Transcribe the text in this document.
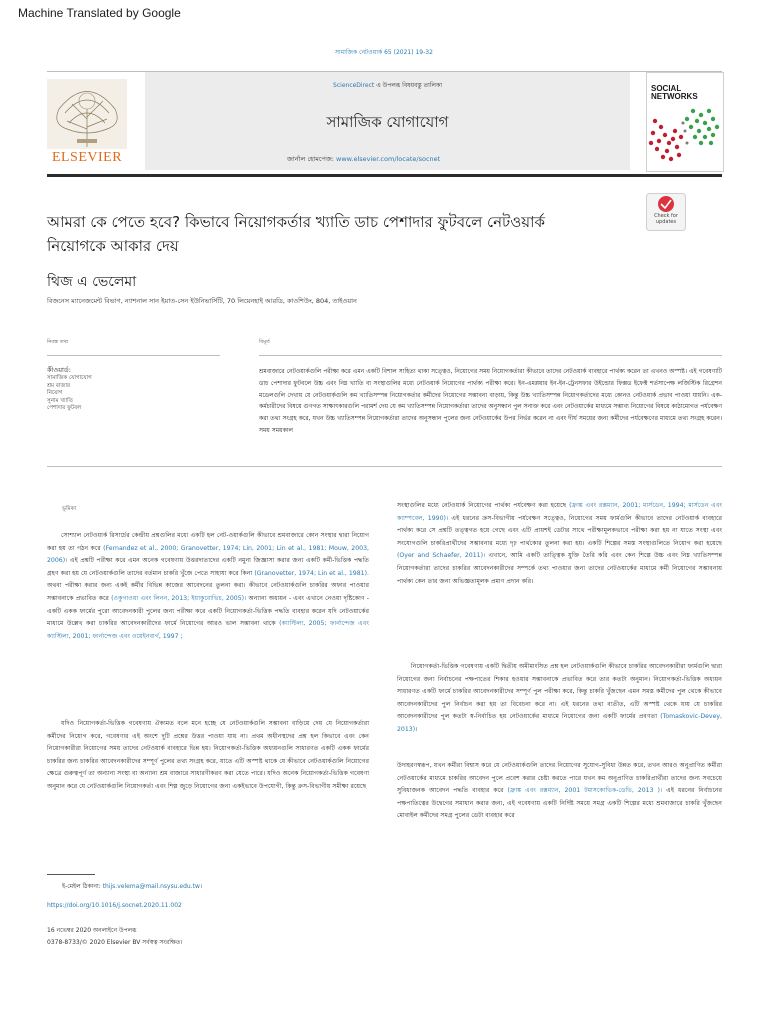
Machine Translated by Google
সামাজিক নেটওয়ার্ক 65 (2021) 19-32
ELSEVIER
ScienceDirect এ উপলব্ধ বিষয়বস্তু তালিকা
সামাজিক যোগাযোগ
জার্নাল হোমপেজ: www.elsevier.com/locate/socnet
SOCIAL NETWORKS
আমরা কে পেতে হবে? কিভাবে নিয়োগকর্তার খ্যাতি ডাচ পেশাদার ফুটবলে নেটওয়ার্ক নিয়োগকে আকার দেয়
Check for updates
থিজ এ ভেলেমা
বিজনেস ম্যানেজমেন্ট বিভাগ, ন্যাশনাল সান ইয়াত-সেন ইউনিভার্সিটি, 70 লিয়েনহাই আরডি, কাওশিউং, 804, তাইওয়ান
নিবন্ধ তথ্য	বিমূর্ত
কীওয়ার্ড:
সামাজিক যোগাযোগ
শ্রম বাজার
নিয়োগ
সুনাম খ্যাতি
পেশাদার ফুটবল
শ্রমবাজারে নেটওয়ার্কগুলি পরীক্ষা করে এমন একটি বিশাল সাহিত্য থাকা সত্ত্বেও, নিয়োগের সময় নিয়োগকর্তারা কীভাবে তাদের নেটওয়ার্ক ব্যবহারে পার্থক্য করেন তা এখনও অস্পষ্ট। এই গবেষণাটি ডাচ পেশাদার ফুটবলে উচ্চ এবং নিম্ন খ্যাতি বা সংস্থাগুলির মধ্যে নেটওয়ার্ক নিয়োগের পার্থক্য পরীক্ষা করে। ইন-এমপ্লয়ার ইন-ইন-ট্রেনসফার উইন্ডোর ফিক্সড ইফেক্ট শর্তসাপেক্ষ লজিস্টিক রিগ্রেশন মডেলগুলি দেখায় যে নেটওয়ার্কগুলি কম খ্যাতিসম্পন্ন নিয়োগকর্তার কর্মীদের নিয়োগের সম্ভাবনা বাড়ায়, কিন্তু উচ্চ খ্যাতিসম্পন্ন নিয়োগকর্তাদের মধ্যে কোনও নেটওয়ার্ক প্রভাব পাওয়া যায়নি। এক-কর্মচারীদের বিষয়ে গুণগত সাক্ষাৎকারগুলি পরামর্শ দেয় যে কম খ্যাতিসম্পন্ন নিয়োগকর্তারা তাদের অনুসন্ধান পুল সনাক্ত করে এবং নেটওয়ার্কের মাধ্যমে সম্ভাব্য নিয়োগের বিষয়ে কাঠামোগত পর্যবেক্ষণ করা তথ্য সংগ্রহ করে, যখন উচ্চ খ্যাতিসম্পন্ন নিয়োগকর্তারা তাদের অনুসন্ধান পুলের জন্য নেটওয়ার্কের উপর নির্ভর করেন না এবং দীর্ঘ সময়ের জন্য কর্মীদের পর্যবেক্ষণের মাধ্যমে তথ্য সংগ্রহ করেন। সময় সময়কাল
ভূমিকা
সোশ্যাল নেটওয়ার্ক রিসার্চের কেন্দ্রীয় প্রশ্নগুলির মধ্যে একটি হল নেট-ওয়ার্কগুলি কীভাবে শ্রমবাজারে কোন সংস্থার দ্বারা নিয়োগ করা হয় তা গঠন করে (Fernandez et al., 2000; Granovetter, 1974; Lin, 2001; Lin et al., 1981; Mouw, 2003, 2006)। এই প্রশ্নটি পরীক্ষা করে এমন অনেক গবেষণায় উত্তরদাতাদের একটি নমুনা জিজ্ঞাসা করার জন্য একটি কর্মী-ভিত্তিক পদ্ধতি গ্রহণ করা হয় যে নেটওয়ার্কগুলি তাদের বর্তমান চাকরি খুঁজে পেতে সাহায্য করে কিনা (Granovetter, 1974; Lin et al., 1981). অথবা পরীক্ষা করার জন্য একই কর্মীর বিভিন্ন কাজের আবেদনের তুলনা করা। কীভাবে নেটওয়ার্কগুলি চাকরির অফার পাওয়ার সম্ভাবনাকে প্রভাবিত করে (ওকুগাওয়া এবং লিনন, 2013; ইয়াকুবোভিচ, 2005)। অন্যান্য অধ্যয়ন - এবং এখানে নেওয়া দৃষ্টিকোণ - একটি একক ফার্মের পুরো আবেদনকারী পুলের জন্য পরীক্ষা করে একটি নিয়োগকর্তা-ভিত্তিক পদ্ধতি ব্যবহার করেন যদি নেটওয়ার্কের মাধ্যমে উল্লেখ করা চাকরির আবেদনকারীদের ফার্মে নিয়োগের আরও ভাল সম্ভাবনা থাকে (ক্যাস্টিলা, 2005; ফার্নান্দেজ এবং ক্যাস্টিলা, 2001; ফার্নান্দেজ এবং ওয়েইনবার্গ, 1997 ;
যদিও নিয়োগকর্তা-ভিত্তিক গবেষণায় ঐক্যমত বলে মনে হচ্ছে যে নেটওয়ার্কগুলি সম্ভাবনা বাড়িয়ে দেয় যে নিয়োগকর্তারা কর্মীদের নিয়োগ করে, গবেষণার এই অংশে দুটি প্রশ্নের উত্তর পাওয়া যায় না। প্রথম অধীনস্থদের প্রশ্ন হল কিভাবে এবং কেন নিয়োগকারীরা নিয়োগের সময় তাদের নেটওয়ার্ক ব্যবহারে ভিন্ন হয়। নিয়োগকর্তা-ভিত্তিক অধ্যয়নগুলি সাধারণত একটি একক ফার্মের চাকরির জন্য চাকরির আবেদনকারীদের সম্পূর্ণ পুলের তথ্য সংগ্রহ করে, যাতে এটি অস্পষ্ট থাকে যে কীভাবে নেটওয়ার্কগুলি নিয়োগের ক্ষেত্রে গুরুত্বপূর্ণ তা অন্যান্য সংস্থা বা অন্যান্য শ্রম বাজারে সাধারণীকরণ করা যেতে পারে। যদিও অনেক নিয়োগকর্তা-ভিত্তিক গবেষণা অনুমান করে যে নেটওয়ার্কগুলি নিয়োগকর্তা এবং শিল্প জুড়ে নিয়োগের জন্য একইভাবে উপযোগী, কিন্তু ক্রস-বিভাগীয় সমীক্ষা রয়েছে
সংস্থাগুলির মধ্যে নেটওয়ার্ক নিয়োগের পার্থক্য পর্যবেক্ষণ করা হয়েছে (ফ্রাঙ্ক এবং রক্সম্যান, 2001; মার্সডেন, 1994; মার্সডেন এবং ক্যাম্পবেল, 1990)। এই ধরনের ক্রস-বিভাগীয় পর্যবেক্ষণ সত্ত্বেও, নিয়োগের সময় ফার্মগুলি কীভাবে তাদের নেটওয়ার্ক ব্যবহারে পার্থক্য করে সে প্রশ্নটি তত্ত্বগত হয়ে গেছে এবং এটি প্রায়শই ডেটার সাথে পরীক্ষামূলকভাবে পরীক্ষা করা হয় না যাতে সংস্থা এবং সংযোগগুলি চাকরিপ্রার্থীদের সম্ভাবনার মধ্যে দৃঢ় পার্থক্যের তুলনা করা হয়। একটি শিল্পের সমস্ত সংস্থাগুলিতে নিয়োগ করা হয়েছে (Oyer and Schaefer, 2011)। এখানে, আমি একটি তাত্ত্বিক যুক্তি তৈরি করি এবং কেন শিল্পে উচ্চ এবং নিম্ন খ্যাতিসম্পন্ন নিয়োগকর্তারা তাদের চাকরির আবেদনকারীদের সম্পর্কে তথ্য পাওয়ার জন্য তাদের নেটওয়ার্কের মাধ্যমে কর্মী নিয়োগের সম্ভাবনায় পার্থক্য কেন তার জন্য অভিজ্ঞতামূলক প্রমাণ প্রদান করি।
নিয়োগকর্তা-ভিত্তিক গবেষণায় একটি দ্বিতীয় অমীমাংসিত প্রশ্ন হল নেটওয়ার্কগুলি কীভাবে চাকরির আবেদনকারীরা ফার্মগুলি দ্বারা নিয়োগের জন্য নির্বাচনের পক্ষপাতের শিকার হওয়ার সম্ভাবনাকে প্রভাবিত করে তার কতটা অনুমান। নিয়োগকর্তা-ভিত্তিক অধ্যয়ন সাধারণত একটি ফার্মে চাকরির আবেদনকারীদের সম্পূর্ণ পুল পরীক্ষা করে, কিন্তু চাকরি খুঁজছেন এমন সমস্ত কর্মীদের পুল থেকে কীভাবে আবেদনকারীদের পুল নির্বাচন করা হয় তা বিবেচনা করে না। এই ধরনের তথ্য ব্যতীত, এটি অস্পষ্ট থেকে যায় যে চাকরির আবেদনকারীদের পুল কতটা স্ব-নির্বাচিত হয় নেটওয়ার্কের মাধ্যমে নিয়োগের জন্য একটি ফার্মের প্রবণতা (Tomaskovic-Devey, 2013)।
উদাহরণস্বরূপ, যখন কর্মীরা বিশ্বাস করে যে নেটওয়ার্কগুলি তাদের নিয়োগের সুযোগ-সুবিধা উন্নত করে, তখন আরও অনুপ্রাণিত কর্মীরা নেটওয়ার্কের মাধ্যমে চাকরির আবেদন পুলে প্রবেশ করার চেষ্টা করতে পারে যখন কম অনুপ্রাণিত চাকরিপ্রার্থীরা তাদের জন্য সবচেয়ে সুবিধাজনক আবেদন পদ্ধতি ব্যবহার করে (ফ্রাঙ্ক এবং রক্সম্যান, 2001 টমাসকোভিক-ডেভি, 2013 )। এই ধরনের নির্বাচনের পক্ষপাতিত্বের উদ্বেগের সমাধান করার জন্য, এই গবেষণায় একটি নির্দিষ্ট সময়ে সমগ্র একটি শিল্পের মধ্যে শ্রমবাজারে চাকরি খুঁজছেন মোবাইল কর্মীদের সমগ্র পুলের ডেটা ব্যবহার করে
ই-মেইল ঠিকানা: thijs.velema@mail.nsysu.edu.tw।
https://doi.org/10.1016/j.socnet.2020.11.002
16 নভেম্বর 2020 অনলাইনে উপলব্ধ
0378-8733/© 2020 Elsevier BV সর্বস্বত্ব সংরক্ষিত।
